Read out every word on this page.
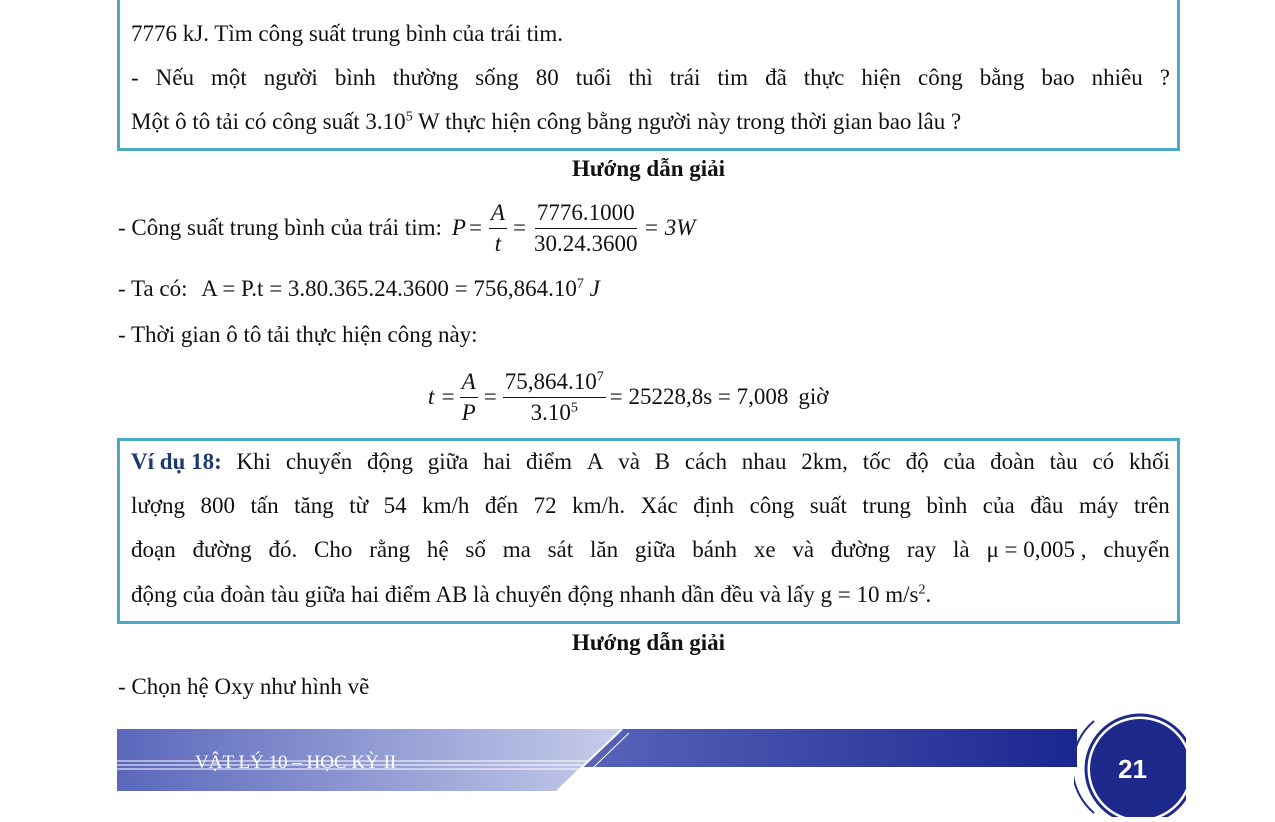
7776 kJ. Tìm công suất trung bình của trái tim.
- Nếu một người bình thường sống 80 tuổi thì trái tim đã thực hiện công bằng bao nhiêu ?
Một ô tô tải có công suất 3.10$^5$ W thực hiện công bằng người này trong thời gian bao lâu ?
Hướng dẫn giải
- Công suất trung bình của trái tim: $P = \frac{A}{t} = \frac{7776.1000}{30.24.3600} = 3W$
- Ta có: $A = P.t = 3.80.365.24.3600 = 756,864.10^7$ J
- Thời gian ô tô tải thực hiện công này:
$t = \frac{A}{P} = \frac{75,864.10^7}{3.10^5} = 25228,8s = 7,008$ giờ
Ví dụ 18: Khi chuyển động giữa hai điểm A và B cách nhau 2km, tốc độ của đoàn tàu có khối
lượng 800 tấn tăng từ 54 km/h đến 72 km/h. Xác định công suất trung bình của đầu máy trên
đoạn đường đó. Cho rằng hệ số ma sát lăn giữa bánh xe và đường ray là μ = 0,005 , chuyển
động của đoàn tàu giữa hai điểm AB là chuyển động nhanh dần đều và lấy g = 10 $m/s^2$.
Hướng dẫn giải
- Chọn hệ Oxy như hình vẽ
VẬT LÝ 10 – HỌC KỲ II	21
